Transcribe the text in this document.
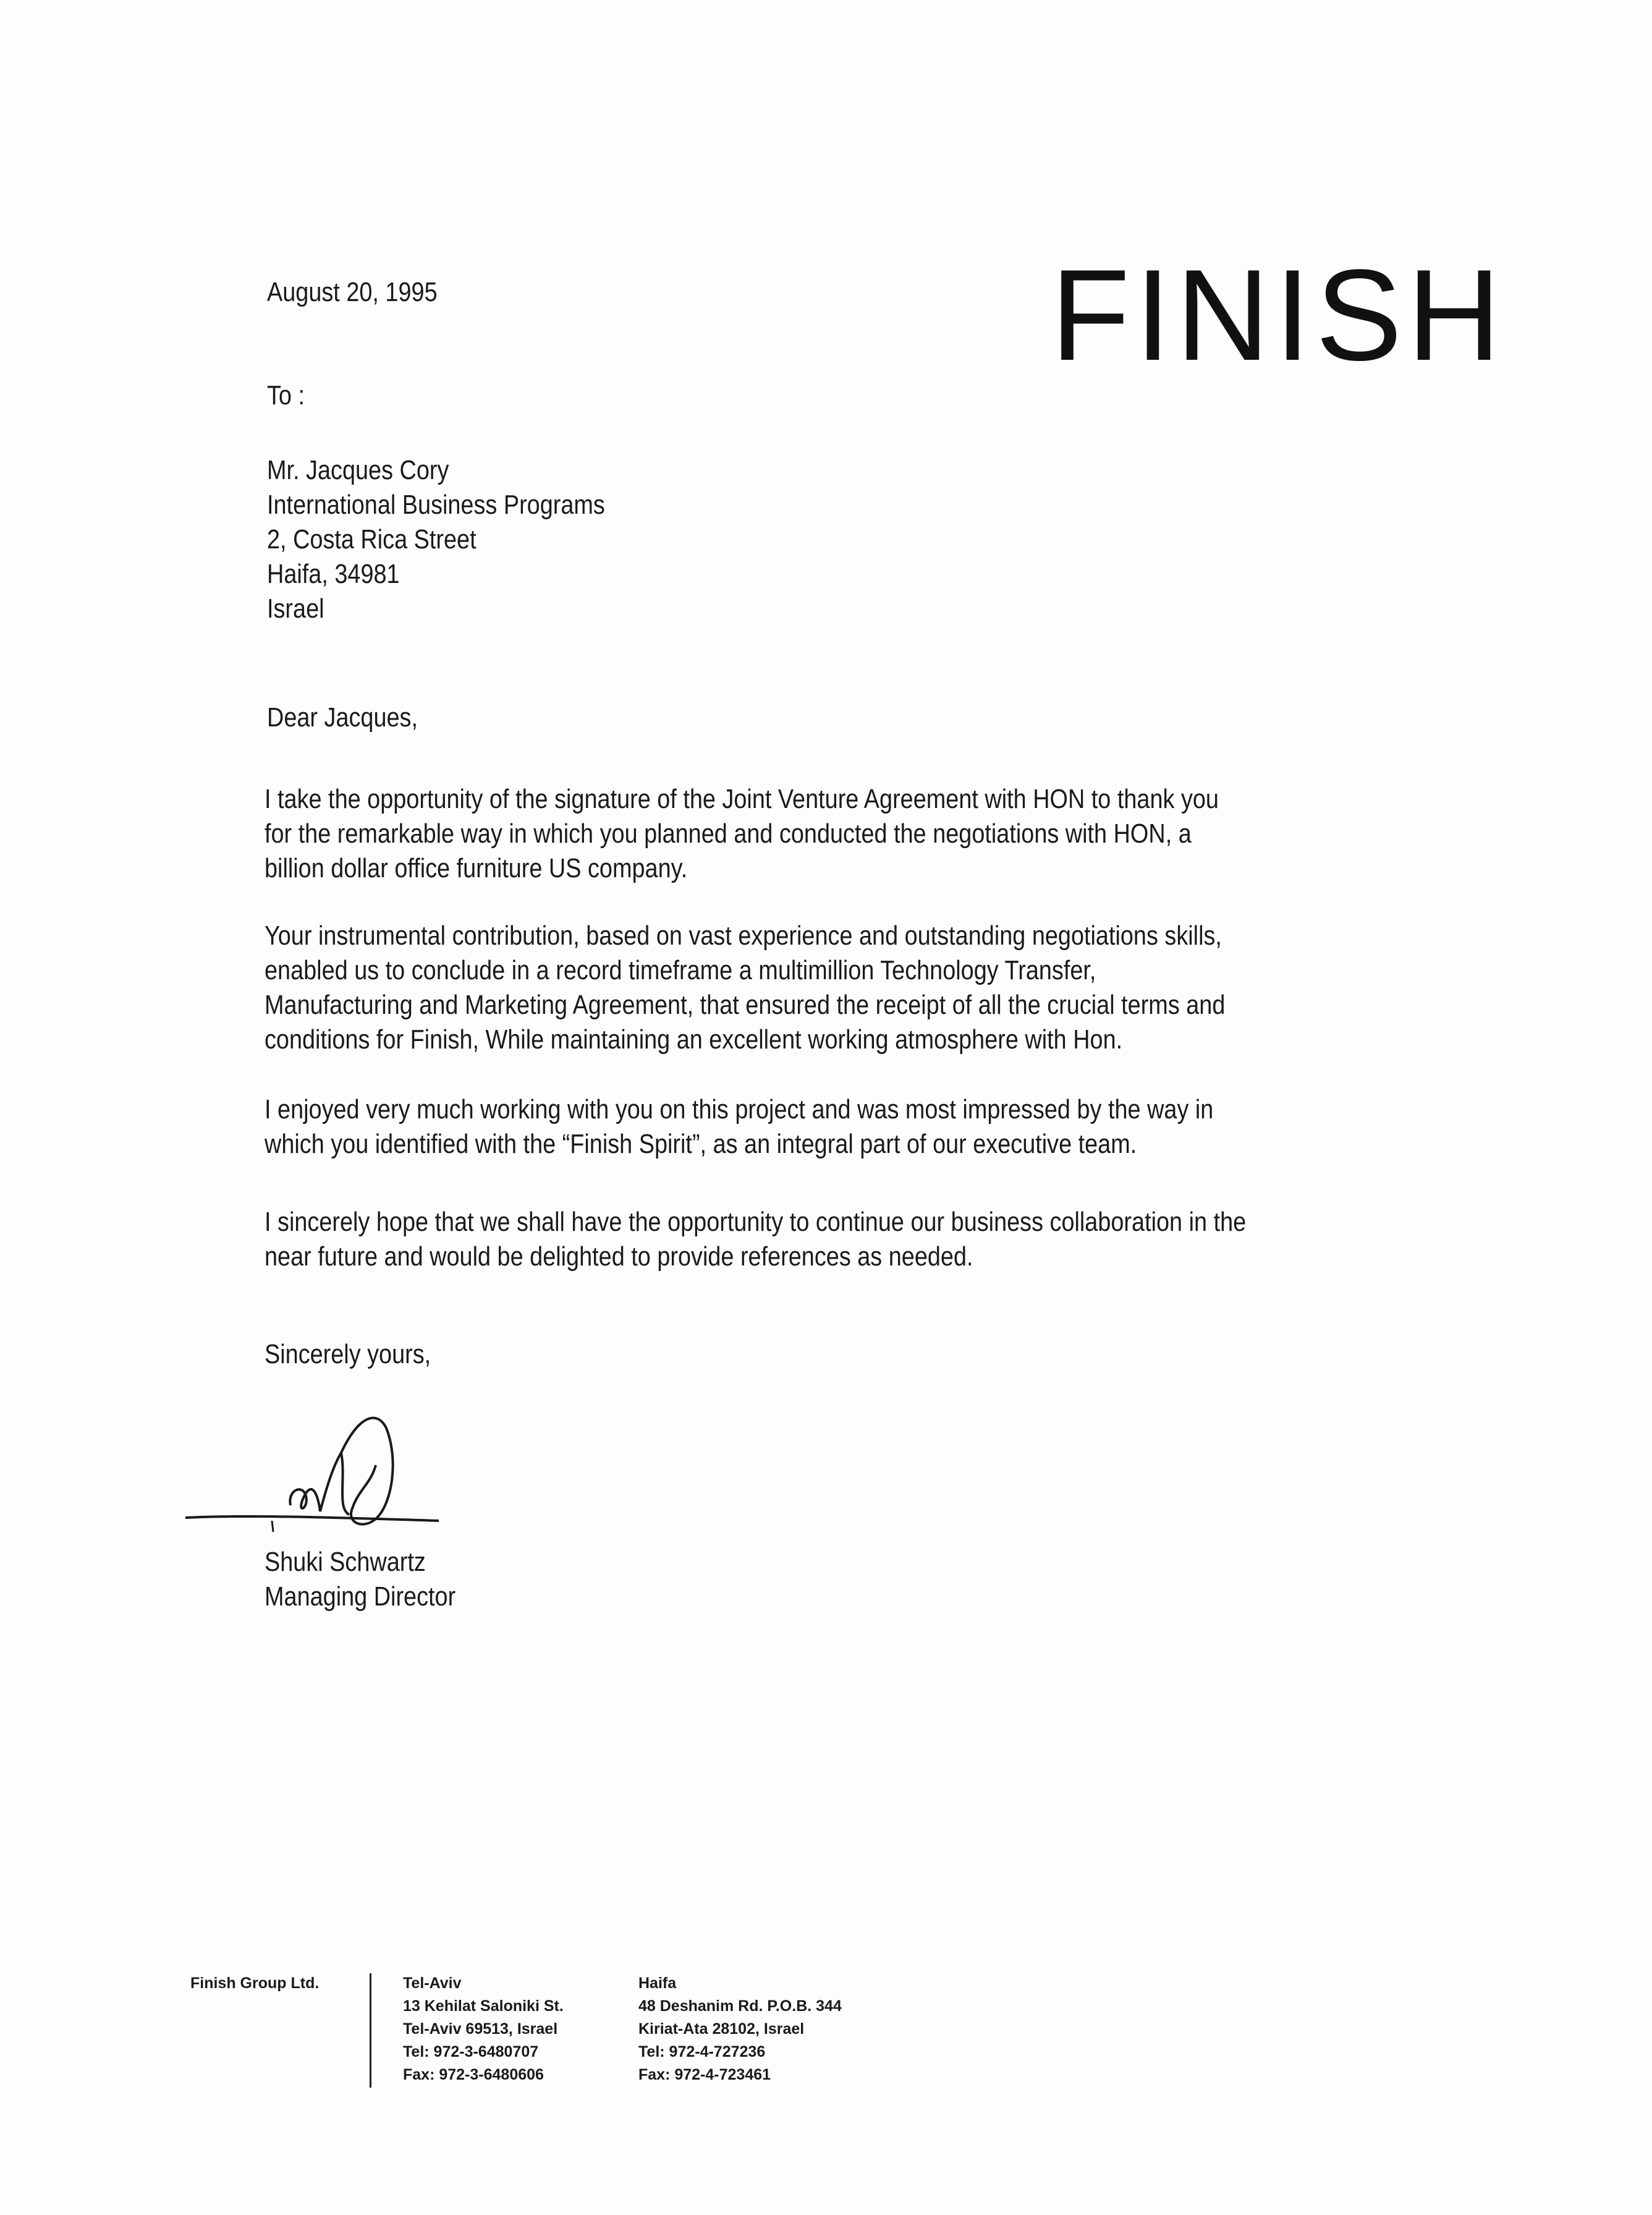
FINISH
August 20, 1995
To :
Mr. Jacques Cory
International Business Programs
2, Costa Rica Street
Haifa, 34981
Israel
Dear Jacques,
I take the opportunity of the signature of the Joint Venture Agreement with HON to thank you
for the remarkable way in which you planned and conducted the negotiations with HON, a
billion dollar office furniture US company.
Your instrumental contribution, based on vast experience and outstanding negotiations skills,
enabled us to conclude in a record timeframe a multimillion Technology Transfer,
Manufacturing and Marketing Agreement, that ensured the receipt of all the crucial terms and
conditions for Finish, While maintaining an excellent working atmosphere with Hon.
I enjoyed very much working with you on this project and was most impressed by the way in
which you identified with the “Finish Spirit”, as an integral part of our executive team.
I sincerely hope that we shall have the opportunity to continue our business collaboration in the
near future and would be delighted to provide references as needed.
Sincerely yours,
Shuki Schwartz
Managing Director
Finish Group Ltd.	Tel-Aviv
13 Kehilat Saloniki St.
Tel-Aviv 69513, Israel
Tel: 972-3-6480707
Fax: 972-3-6480606
Haifa
48 Deshanim Rd. P.O.B. 344
Kiriat-Ata 28102, Israel
Tel: 972-4-727236
Fax: 972-4-723461
